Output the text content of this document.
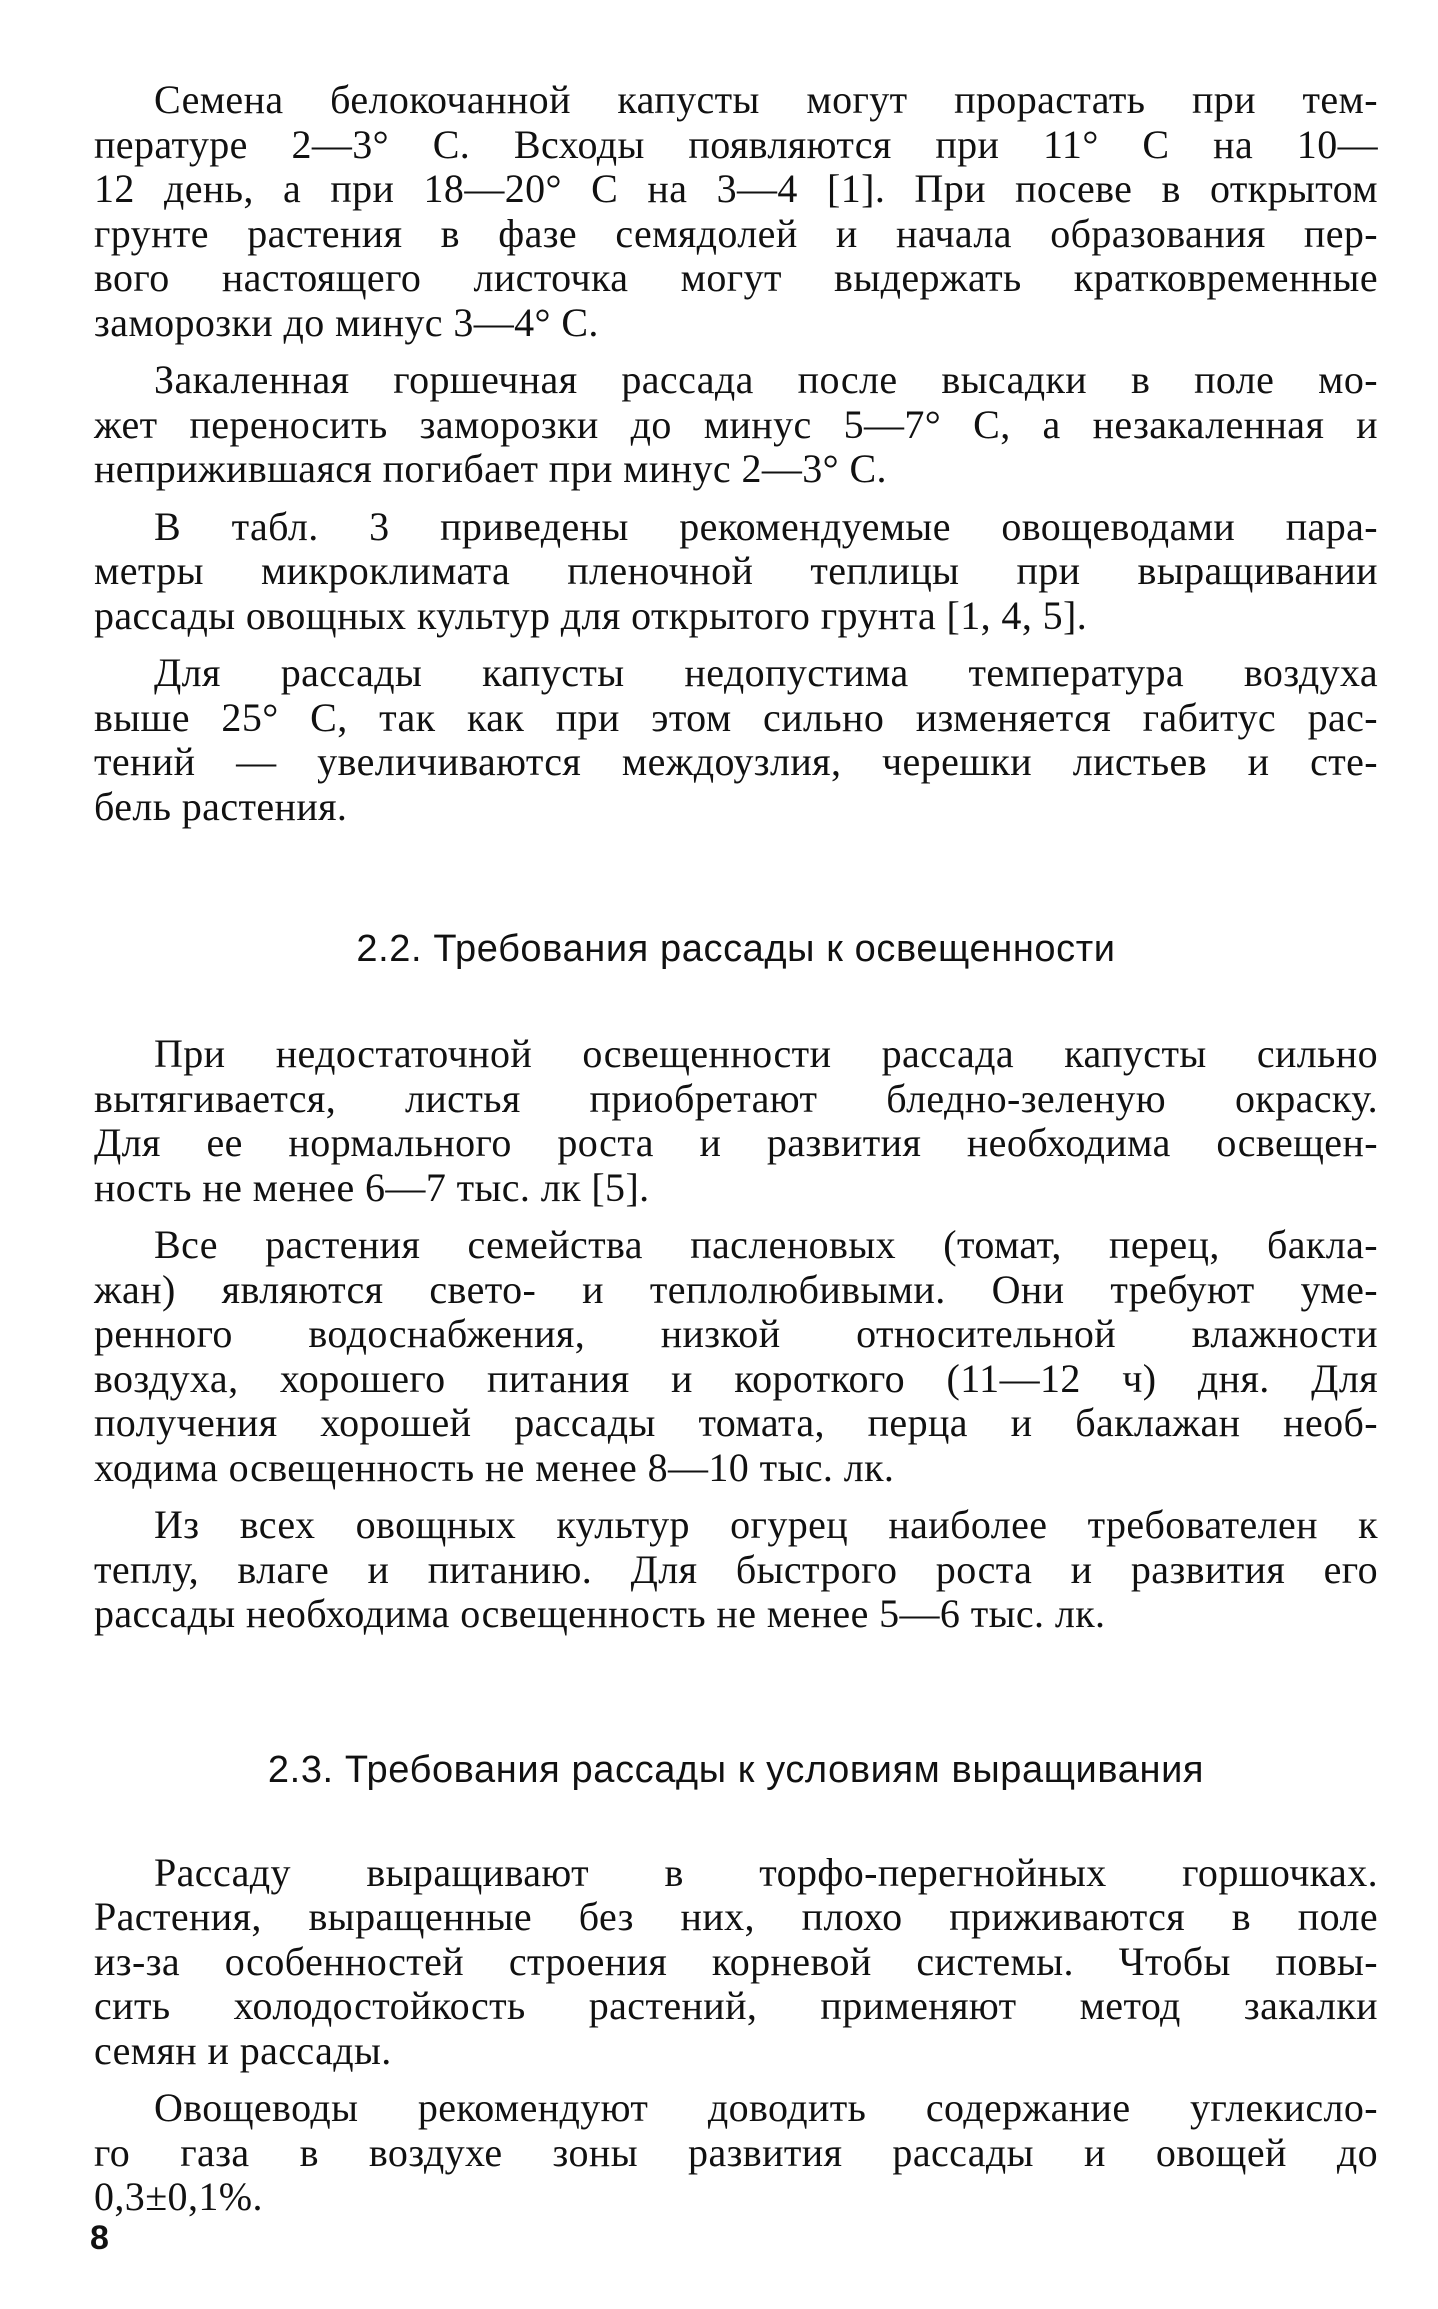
Семена белокочанной капусты могут прорастать при тем-
пературе 2—3° С. Всходы появляются при 11° С на 10—
12 день, а при 18—20° С на 3—4 [1]. При посеве в открытом
грунте растения в фазе семядолей и начала образования пер-
вого настоящего листочка могут выдержать кратковременные
заморозки до минус 3—4° С.
Закаленная горшечная рассада после высадки в поле мо-
жет переносить заморозки до минус 5—7° С, а незакаленная и
неприжившаяся погибает при минус 2—3° С.
В табл. 3 приведены рекомендуемые овощеводами пара-
метры микроклимата пленочной теплицы при выращивании
рассады овощных культур для открытого грунта [1, 4, 5].
Для рассады капусты недопустима температура воздуха
выше 25° С, так как при этом сильно изменяется габитус рас-
тений — увеличиваются междоузлия, черешки листьев и сте-
бель растения.
2.2. Требования рассады к освещенности
При недостаточной освещенности рассада капусты сильно
вытягивается, листья приобретают бледно-зеленую окраску.
Для ее нормального роста и развития необходима освещен-
ность не менее 6—7 тыс. лк [5].
Все растения семейства пасленовых (томат, перец, бакла-
жан) являются свето- и теплолюбивыми. Они требуют уме-
ренного водоснабжения, низкой относительной влажности
воздуха, хорошего питания и короткого (11—12 ч) дня. Для
получения хорошей рассады томата, перца и баклажан необ-
ходима освещенность не менее 8—10 тыс. лк.
Из всех овощных культур огурец наиболее требователен к
теплу, влаге и питанию. Для быстрого роста и развития его
рассады необходима освещенность не менее 5—6 тыс. лк.
2.3. Требования рассады к условиям выращивания
Рассаду выращивают в торфо-перегнойных горшочках.
Растения, выращенные без них, плохо приживаются в поле
из-за особенностей строения корневой системы. Чтобы повы-
сить холодостойкость растений, применяют метод закалки
семян и рассады.
Овощеводы рекомендуют доводить содержание углекисло-
го газа в воздухе зоны развития рассады и овощей до
0,3±0,1%.
8
